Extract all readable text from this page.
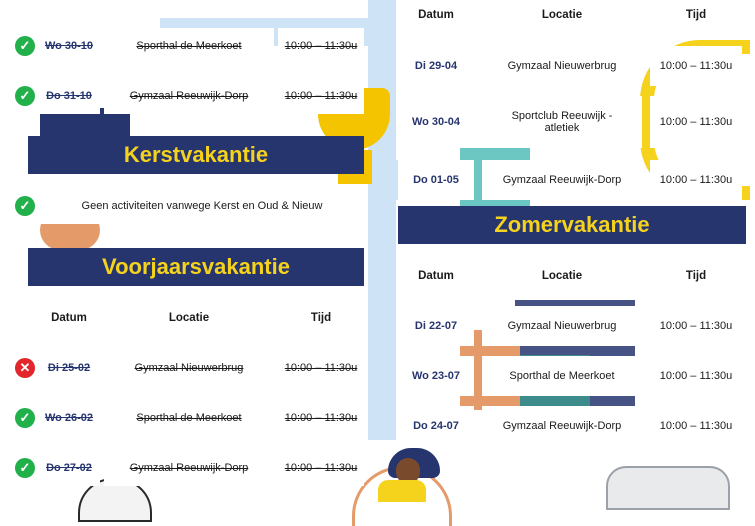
✓	Wo 30-10	Sporthal de Meerkoet	10:00 – 11:30u
✓	Do 31-10	Gymzaal Reeuwijk-Dorp	10:00 – 11:30u
Kerstvakantie
✓	Geen activiteiten vanwege Kerst en Oud & Nieuw
Voorjaarsvakantie
Datum	Locatie	Tijd
✕	Di 25-02	Gymzaal Nieuwerbrug	10:00 – 11:30u
✓	Wo 26-02	Sporthal de Meerkoet	10:00 – 11:30u
✓	Do 27-02	Gymzaal Reeuwijk-Dorp	10:00 – 11:30u
Datum	Locatie	Tijd
Di 29-04	Gymzaal Nieuwerbrug	10:00 – 11:30u
Wo 30-04	Sportclub Reeuwijk - atletiek	10:00 – 11:30u
Do 01-05	Gymzaal Reeuwijk-Dorp	10:00 – 11:30u
Zomervakantie
Datum	Locatie	Tijd
Di 22-07	Gymzaal Nieuwerbrug	10:00 – 11:30u
Wo 23-07	Sporthal de Meerkoet	10:00 – 11:30u
Do 24-07	Gymzaal Reeuwijk-Dorp	10:00 – 11:30u
